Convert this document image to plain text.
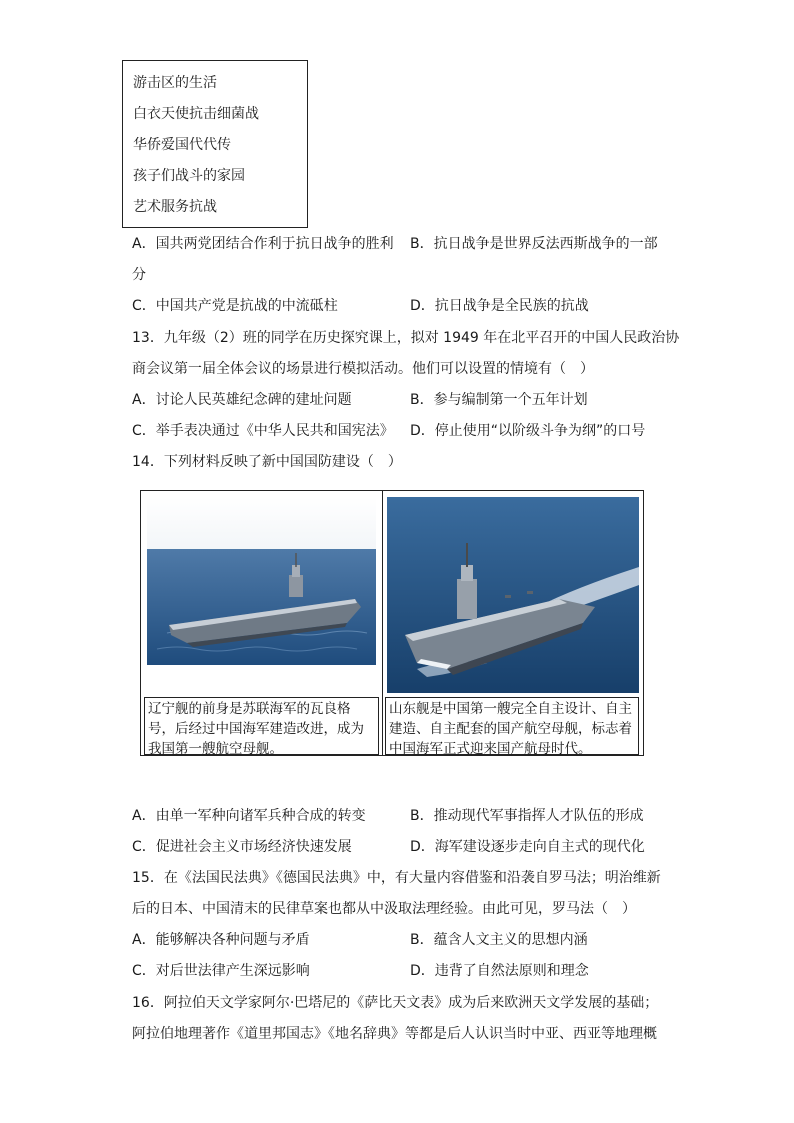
游击区的生活
白衣天使抗击细菌战
华侨爱国代代传
孩子们战斗的家园
艺术服务抗战
A．国共两党团结合作利于抗日战争的胜利 B．抗日战争是世界反法西斯战争的一部
分
C．中国共产党是抗战的中流砥柱	D．抗日战争是全民族的抗战
13．九年级（2）班的同学在历史探究课上，拟对 1949 年在北平召开的中国人民政治协
商会议第一届全体会议的场景进行模拟活动。他们可以设置的情境有（　）
A．讨论人民英雄纪念碑的建址问题	B．参与编制第一个五年计划
C．举手表决通过《中华人民共和国宪法》 D．停止使用“以阶级斗争为纲”的口号
14．下列材料反映了新中国国防建设（　）
辽宁舰的前身是苏联海军的瓦良格号，后经过中国海军建造改进，成为我国第一艘航空母舰。
山东舰是中国第一艘完全自主设计、自主建造、自主配套的国产航空母舰，标志着中国海军正式迎来国产航母时代。
A．由单一军种向诸军兵种合成的转变	B．推动现代军事指挥人才队伍的形成
C．促进社会主义市场经济快速发展	D．海军建设逐步走向自主式的现代化
15．在《法国民法典》《德国民法典》中，有大量内容借鉴和沿袭自罗马法；明治维新
后的日本、中国清末的民律草案也都从中汲取法理经验。由此可见，罗马法（　）
A．能够解决各种问题与矛盾	B．蕴含人文主义的思想内涵
C．对后世法律产生深远影响	D．违背了自然法原则和理念
16．阿拉伯天文学家阿尔·巴塔尼的《萨比天文表》成为后来欧洲天文学发展的基础；
阿拉伯地理著作《道里邦国志》《地名辞典》等都是后人认识当时中亚、西亚等地理概
